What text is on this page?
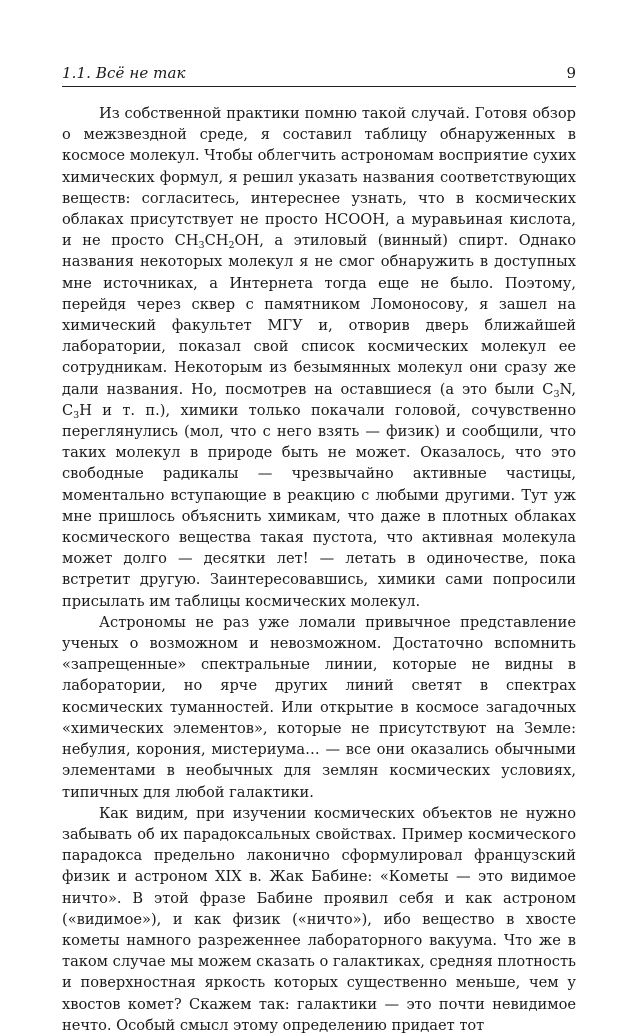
1.1. Всё не так	9

Из собственной практики помню такой случай. Готовя обзор о межзвездной среде, я составил таблицу обнаруженных в космосе молекул. Чтобы облегчить астрономам восприятие сухих химических формул, я решил указать названия соответствующих веществ: согласитесь, интереснее узнать, что в космических облаках присутствует не просто HCOOH, а муравьиная кислота, и не просто $CH_3CH_2OH$, а этиловый (винный) спирт. Однако названия некоторых молекул я не смог обнаружить в доступных мне источниках, а Интернета тогда еще не было. Поэтому, перейдя через сквер с памятником Ломоносову, я зашел на химический факультет МГУ и, отворив дверь ближайшей лаборатории, показал свой список космических молекул ее сотрудникам. Некоторым из безымянных молекул они сразу же дали названия. Но, посмотрев на оставшиеся (а это были $C_3N$, $C_3H$ и т. п.), химики только покачали головой, сочувственно переглянулись (мол, что с него взять — физик) и сообщили, что таких молекул в природе быть не может. Оказалось, что это свободные радикалы — чрезвычайно активные частицы, моментально вступающие в реакцию с любыми другими. Тут уж мне пришлось объяснить химикам, что даже в плотных облаках космического вещества такая пустота, что активная молекула может долго — десятки лет! — летать в одиночестве, пока встретит другую. Заинтересовавшись, химики сами попросили присылать им таблицы космических молекул.

Астрономы не раз уже ломали привычное представление ученых о возможном и невозможном. Достаточно вспомнить «запрещенные» спектральные линии, которые не видны в лаборатории, но ярче других линий светят в спектрах космических туманностей. Или открытие в космосе загадочных «химических элементов», которые не присутствуют на Земле: небулия, корония, мистериума… — все они оказались обычными элементами в необычных для землян космических условиях, типичных для любой галактики.

Как видим, при изучении космических объектов не нужно забывать об их парадоксальных свойствах. Пример космического парадокса предельно лаконично сформулировал французский физик и астроном XIX в. Жак Бабине: «Кометы — это видимое ничто». В этой фразе Бабине проявил себя и как астроном («видимое»), и как физик («ничто»), ибо вещество в хвосте кометы намного разреженнее лабораторного вакуума. Что же в таком случае мы можем сказать о галактиках, средняя плотность и поверхностная яркость которых существенно меньше, чем у хвостов комет? Скажем так: галактики — это почти невидимое нечто. Особый смысл этому определению придает тот
